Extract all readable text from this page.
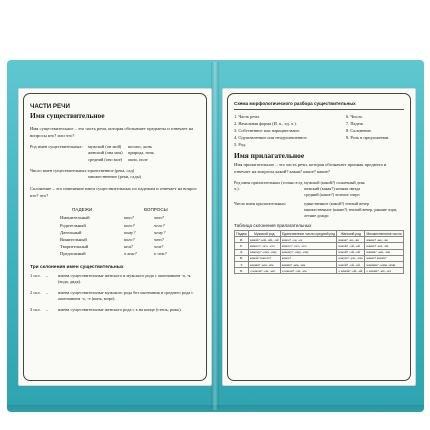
ЧАСТИ РЕЧИ
Имя существительное
Имя существительное – это часть речи, которая обозначает предметы и отвечает на вопросы кто? или что?
Род имен существительных:	мужской (он мой)	космос, конь
женский (она моя)	природа, ночь
средний (оно мое)	окно, поле
Число имен существительных: единственное (река, сад)
множественное (реки, сады)
Склонение – это изменение имен существительных по падежам и отвечает на вопрос кто? что?
ПАДЕЖИ	ВОПРОСЫ
Именительный	кто?	что?
Родительный	кого?	чего?
Дательный	кому?	чему?
Винительный	кого?	что?
Творительный	кем?	чем?
Предложный	о ком?	о чем?
Три склонения имен существительных
1 скл.	–	имена существительные женского и мужского рода с окончанием -а, -я (вода, дядя).
2 скл.	–	имена существительные мужского рода без окончания и среднего рода с окончанием -о, -е (конь, море).
3 скл.	–	имена существительные женского рода с ь на конце (степь, рожь).
Схема морфологического разбора существительных
1. Часть речи.	6. Число.
2. Начальная форма (И. п., ед. ч.).	7. Падеж.
3. Собственное или нарицательное.	8. Склонение.
4. Одушевленное или неодушевленное.	9. Роль в предложении.
5. Род.
Имя прилагательное
Имя прилагательное – это часть речи, которая обозначает признак предмета и отвечает на вопросы какой? какая? какое? какие?
Род имен прилагательных (только в ед. ч.):
мужской (какой?) солнечный день
женский (какая?) ночная звезда
средний (какое?) зеленое озеро
Число имен прилагательных:	единственное (какой?) теплый вечер
множественное (какие?) теплый вечер, ранние зори, летние дожди
Таблица склонения прилагательных
Падеж	Мужской род	Единственное число средний род	Женский род	Множественное число
И.	какой? -ый, -ий, -ой	какое? -ое, -ее	какая? -ая, -яя	какие? -ые, -ие
Р.	какого? -ого, -его	какого? -ого, -его	какой? -ой, -ей	каких? -ых, -их
Д.	какому? -ому, -ему	какому? -ому, -ему	какой? -ой, -ей	каким? -ым, -им
В.	какой? какого?	какое?	какую? -ую, -юю	какие? каких?
Т.	каким? -ым, -им	каким? -ым, -им	какой? -ой, -ей	какими? -ыми, -ими
П.	о каком? -ом, -ем	о каком? -ом, -ем	о какой? -ой, -ей	о каких? -ых, -их
